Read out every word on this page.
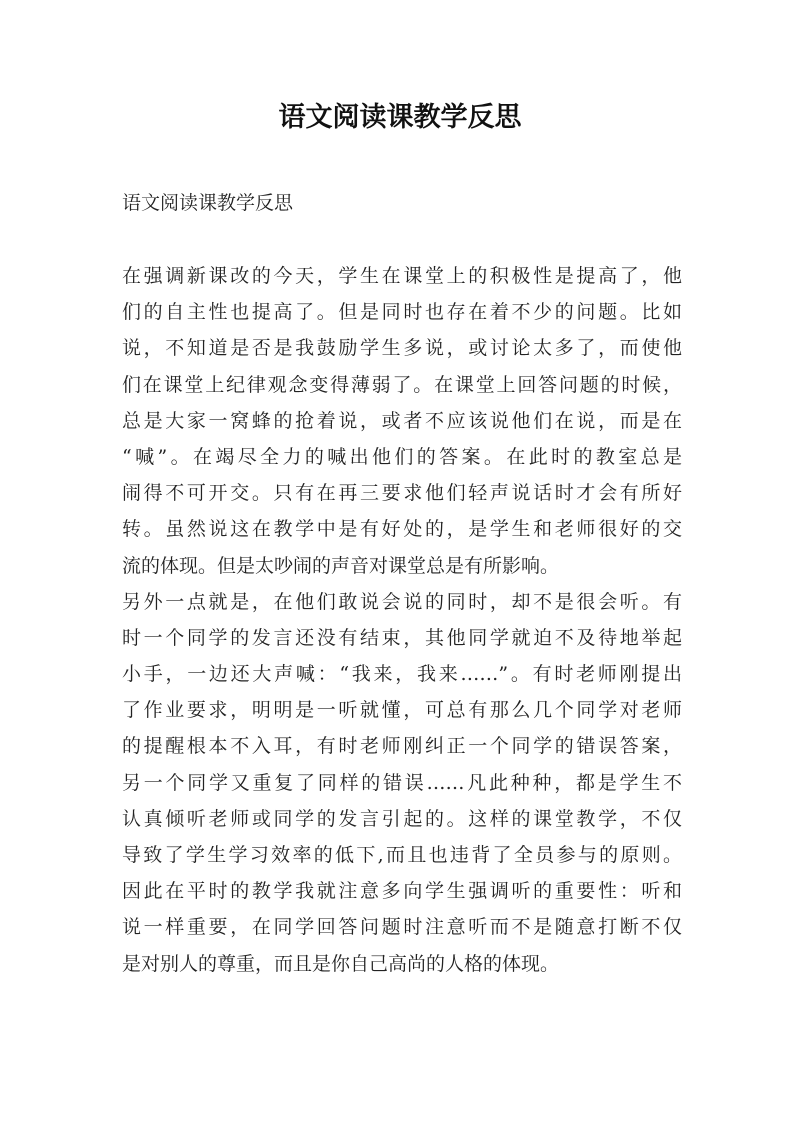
语文阅读课教学反思

语文阅读课教学反思

在强调新课改的今天，学生在课堂上的积极性是提高了，他
们的自主性也提高了。但是同时也存在着不少的问题。比如
说，不知道是否是我鼓励学生多说，或讨论太多了，而使他
们在课堂上纪律观念变得薄弱了。在课堂上回答问题的时候，
总是大家一窝蜂的抢着说，或者不应该说他们在说，而是在
“喊”。在竭尽全力的喊出他们的答案。在此时的教室总是
闹得不可开交。只有在再三要求他们轻声说话时才会有所好
转。虽然说这在教学中是有好处的，是学生和老师很好的交
流的体现。但是太吵闹的声音对课堂总是有所影响。
另外一点就是，在他们敢说会说的同时，却不是很会听。有
时一个同学的发言还没有结束，其他同学就迫不及待地举起
小手，一边还大声喊：“我来，我来……”。有时老师刚提出
了作业要求，明明是一听就懂，可总有那么几个同学对老师
的提醒根本不入耳，有时老师刚纠正一个同学的错误答案，
另一个同学又重复了同样的错误……凡此种种，都是学生不
认真倾听老师或同学的发言引起的。这样的课堂教学，不仅
导致了学生学习效率的低下,而且也违背了全员参与的原则。
因此在平时的教学我就注意多向学生强调听的重要性：听和
说一样重要，在同学回答问题时注意听而不是随意打断不仅
是对别人的尊重，而且是你自己高尚的人格的体现。
